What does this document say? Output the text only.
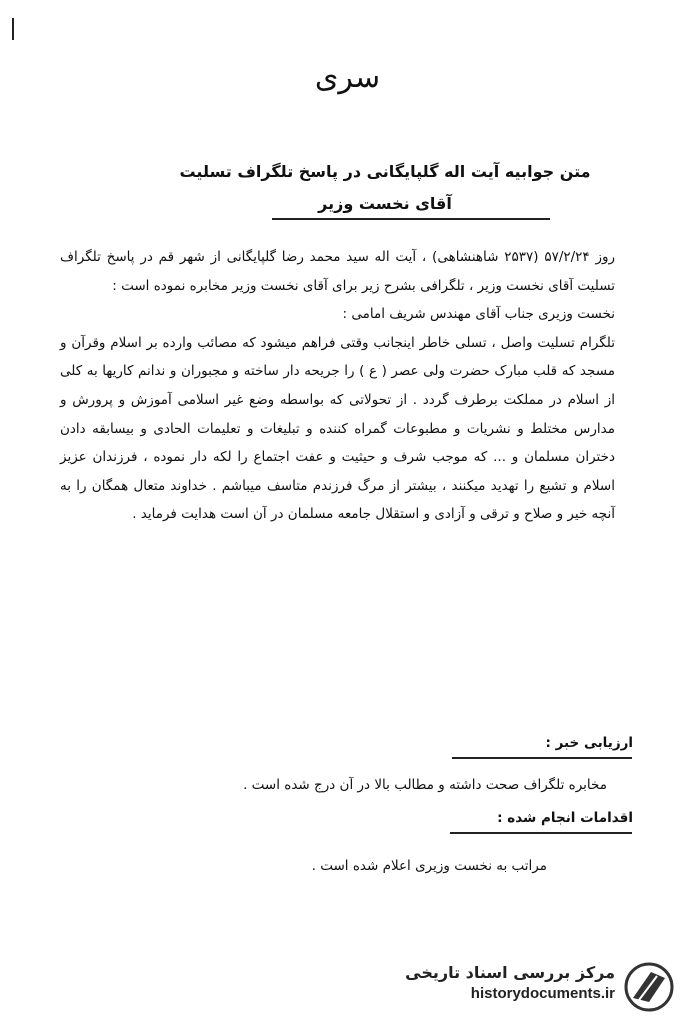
سری
متن جوابیه آیت اله گلپایگانی در پاسخ تلگراف تسلیت
آقای نخست وزیر

روز ۵۷/۲/۲۴ (۲۵۳۷ شاهنشاهی) ، آیت اله سید محمد رضا گلپایگانی از شهر قم در پاسخ تلگراف تسلیت آقای نخست وزیر ، تلگرافی بشرح زیر برای آقای نخست وزیر مخابره نموده است :

نخست وزیری جناب آقای مهندس شریف امامی :

تلگرام تسلیت واصل ، تسلی خاطر اینجانب وقتی فراهم میشود که مصائب وارده بر اسلام وقرآن و مسجد که قلب مبارک حضرت ولی عصر ( ع ) را جریحه دار ساخته و مجبوران و ندانم کاریها به کلی از اسلام در مملکت برطرف گردد . از تحولاتی که بواسطه وضع غیر اسلامی آموزش و پرورش و مدارس مختلط و نشریات و مطبوعات گمراه کننده و تبلیغات و تعلیمات الحادی و بیسابقه دادن دختران مسلمان و ... که موجب شرف و حیثیت و عفت اجتماع را لکه دار نموده ، فرزندان عزیز اسلام و تشیع را تهدید میکنند ، بیشتر از مرگ فرزندم متاسف میباشم . خداوند متعال همگان را به آنچه خیر و صلاح و ترقی و آزادی و استقلال جامعه مسلمان در آن است هدایت فرماید .

ارزیابی خبر :
مخابره تلگراف صحت داشته و مطالب بالا در آن درج شده است .
اقدامات انجام شده :
مراتب به نخست وزیری اعلام شده است .
مرکز بررسی اسناد تاریخی
historydocuments.ir
